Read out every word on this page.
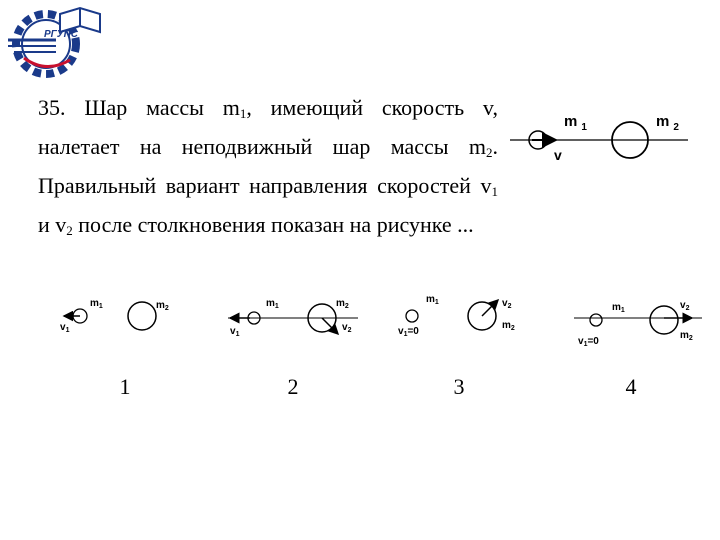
РГУПС
35. Шар массы $m_1$, имеющий скорость v, налетает на неподвижный шар массы $m_2$. Правильный вариант направления скоростей $v_1$ и $v_2$ после столкновения показан на рисунке ...
m $_1$	m $_2$
v
$m_1$	$m_2$
$v_1$
$m_1$	$m_2$
$v_1$
$v_2$
$m_1$
$m_2$
$v_2$
$v_1=0$
$m_1$
$m_2$
$v_2$
$v_1=0$
1	2	3	4
